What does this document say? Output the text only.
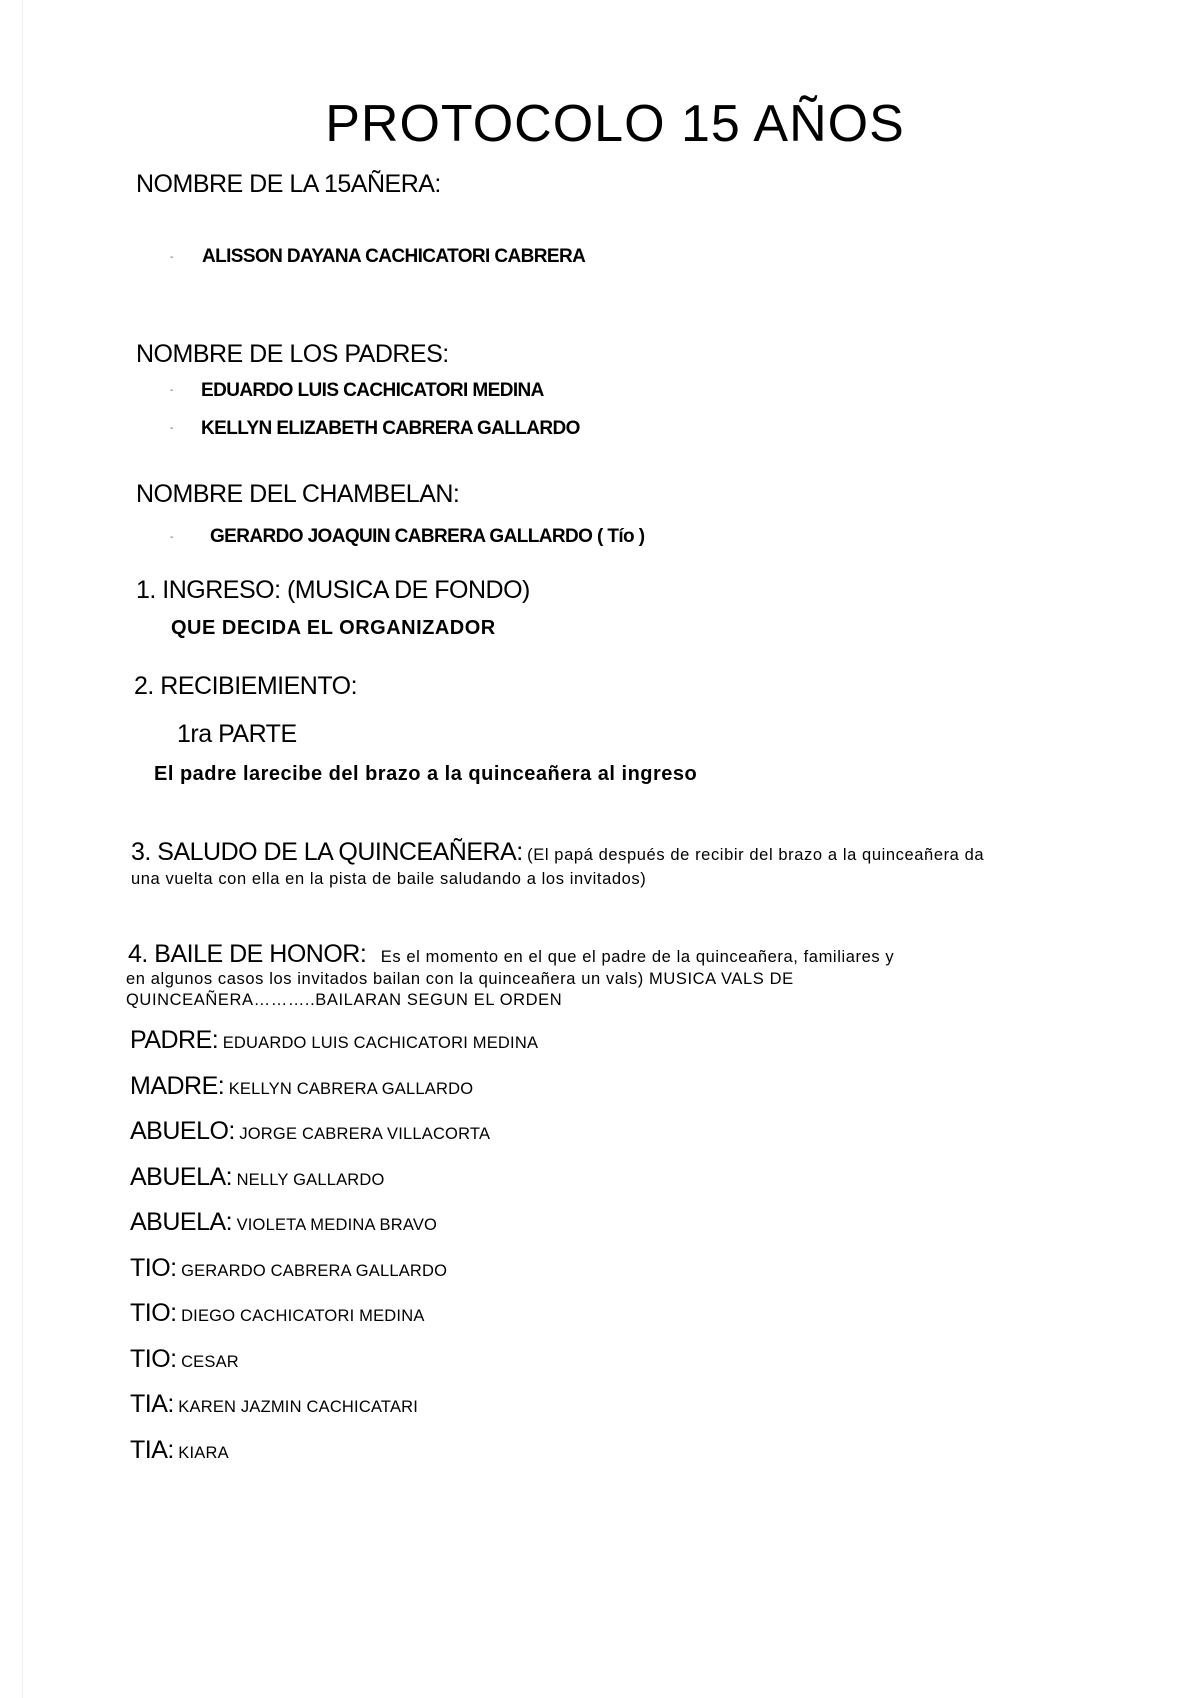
PROTOCOLO 15 AÑOS
NOMBRE DE LA 15AÑERA:
- ALISSON DAYANA CACHICATORI CABRERA
NOMBRE DE LOS PADRES:
- EDUARDO LUIS CACHICATORI MEDINA
- KELLYN ELIZABETH CABRERA GALLARDO
NOMBRE DEL CHAMBELAN:
- GERARDO JOAQUIN CABRERA GALLARDO ( Tío )
1. INGRESO: (MUSICA DE FONDO)
QUE DECIDA EL ORGANIZADOR
2. RECIBIEMIENTO:
1ra PARTE
El padre larecibe del brazo a la quinceañera al ingreso
3. SALUDO DE LA QUINCEAÑERA: (El papá después de recibir del brazo a la quinceañera da
una vuelta con ella en la pista de baile saludando a los invitados)
4. BAILE DE HONOR: Es el momento en el que el padre de la quinceañera, familiares y
en algunos casos los invitados bailan con la quinceañera un vals) MUSICA VALS DE
QUINCEAÑERA………..BAILARAN SEGUN EL ORDEN
PADRE: EDUARDO LUIS CACHICATORI MEDINA
MADRE: KELLYN CABRERA GALLARDO
ABUELO: JORGE CABRERA VILLACORTA
ABUELA: NELLY GALLARDO
ABUELA: VIOLETA MEDINA BRAVO
TIO: GERARDO CABRERA GALLARDO
TIO: DIEGO CACHICATORI MEDINA
TIO: CESAR
TIA: KAREN JAZMIN CACHICATARI
TIA: KIARA
